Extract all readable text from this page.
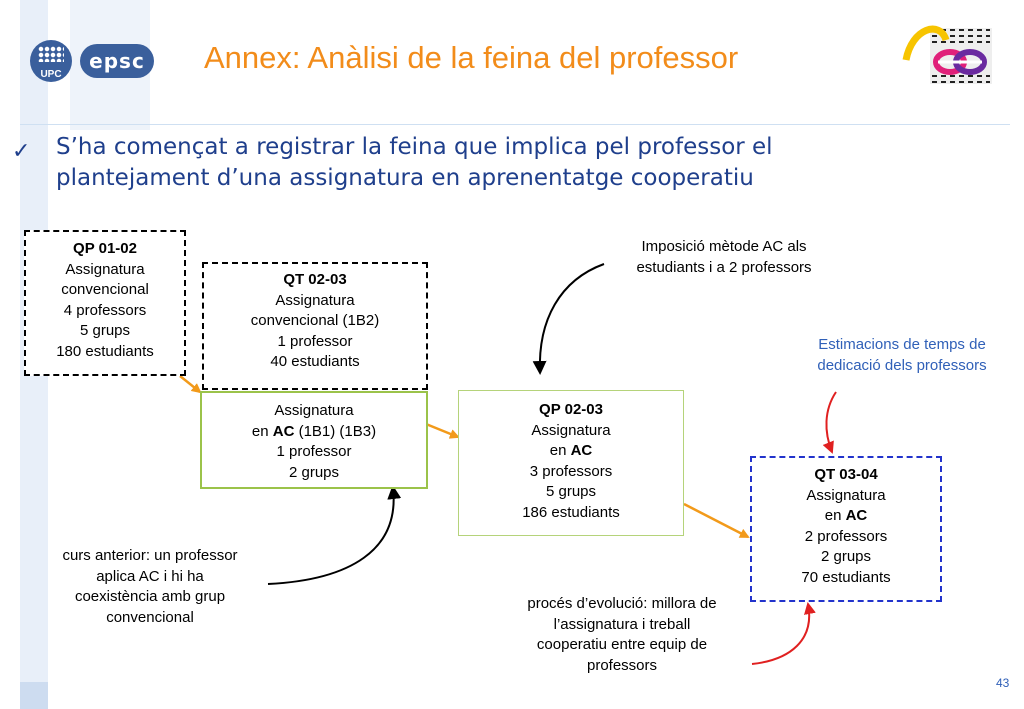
UPC
epsc Annex: Anàlisi de la feina del professor
✓ S’ha començat a registrar la feina que implica pel professor el
plantejament d’una assignatura en aprenentatge cooperatiu
QP 01-02
Assignatura
convencional
4 professors
5 grups
180 estudiants
QT 02-03
Assignatura
convencional (1B2)
1 professor
40 estudiants
Assignatura
en AC (1B1) (1B3)
1 professor
2 grups
QP 02-03
Assignatura
en AC
3 professors
5 grups
186 estudiants
QT 03-04
Assignatura
en AC
2 professors
2 grups
70 estudiants
Imposició mètode AC als
estudiants i a 2 professors
Estimacions de temps de
dedicació dels professors
curs anterior: un professor
aplica AC i hi ha
coexistència amb grup
convencional
procés d’evolució: millora de
l’assignatura i treball
cooperatiu entre equip de
professors
43
